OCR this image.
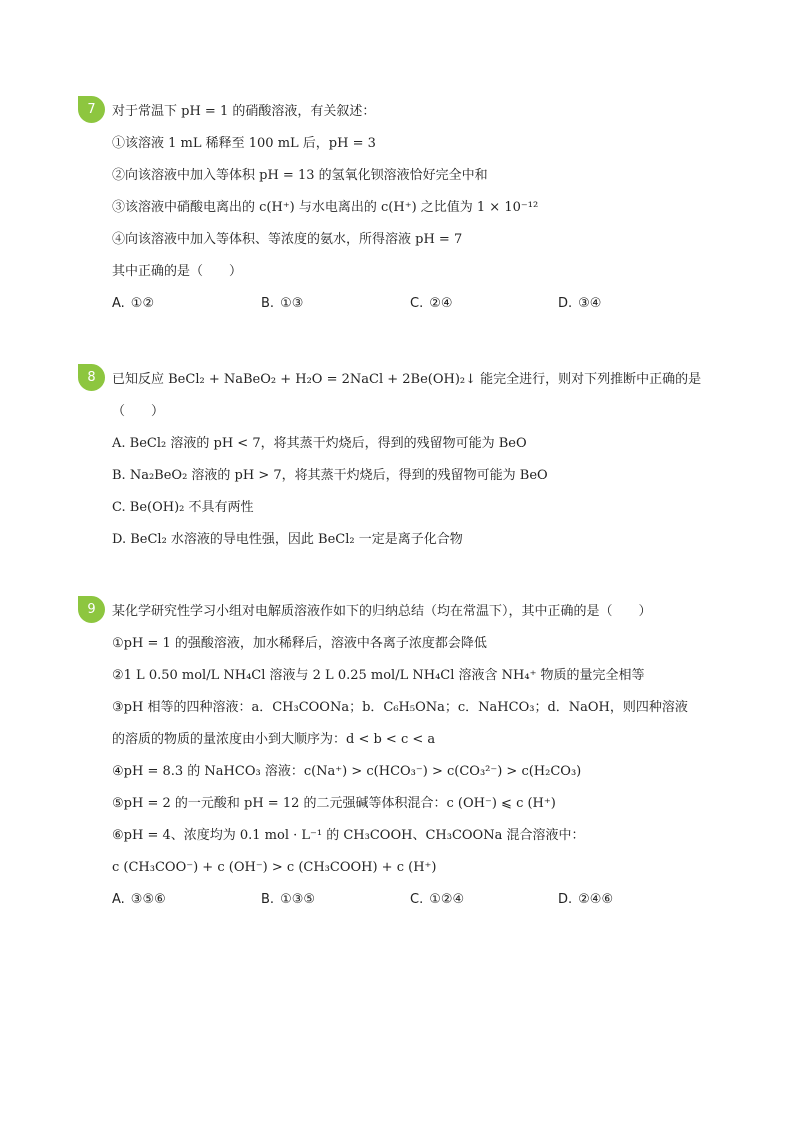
7	对于常温下 pH = 1 的硝酸溶液，有关叙述：
①该溶液 1 mL 稀释至 100 mL 后，pH = 3
②向该溶液中加入等体积 pH = 13 的氢氧化钡溶液恰好完全中和
③该溶液中硝酸电离出的 c(H⁺) 与水电离出的 c(H⁺) 之比值为 1 × 10⁻¹²
④向该溶液中加入等体积、等浓度的氨水，所得溶液 pH = 7
其中正确的是（　　）
A. ①②	B. ①③	C. ②④	D. ③④
8	已知反应 BeCl₂ + NaBeO₂ + H₂O = 2NaCl + 2Be(OH)₂↓ 能完全进行，则对下列推断中正确的是
（　　）
A. BeCl₂ 溶液的 pH < 7，将其蒸干灼烧后，得到的残留物可能为 BeO
B. Na₂BeO₂ 溶液的 pH > 7，将其蒸干灼烧后，得到的残留物可能为 BeO
C. Be(OH)₂ 不具有两性
D. BeCl₂ 水溶液的导电性强，因此 BeCl₂ 一定是离子化合物
9	某化学研究性学习小组对电解质溶液作如下的归纳总结（均在常温下），其中正确的是（　　）
①pH = 1 的强酸溶液，加水稀释后，溶液中各离子浓度都会降低
②1 L 0.50 mol/L NH₄Cl 溶液与 2 L 0.25 mol/L NH₄Cl 溶液含 NH₄⁺ 物质的量完全相等
③pH 相等的四种溶液：a．CH₃COONa；b．C₆H₅ONa；c．NaHCO₃；d．NaOH，则四种溶液
的溶质的物质的量浓度由小到大顺序为：d < b < c < a
④pH = 8.3 的 NaHCO₃ 溶液：c(Na⁺) > c(HCO₃⁻) > c(CO₃²⁻) > c(H₂CO₃)
⑤pH = 2 的一元酸和 pH = 12 的二元强碱等体积混合：c (OH⁻) ⩽ c (H⁺)
⑥pH = 4、浓度均为 0.1 mol · L⁻¹ 的 CH₃COOH、CH₃COONa 混合溶液中：
c (CH₃COO⁻) + c (OH⁻) > c (CH₃COOH) + c (H⁺)
A. ③⑤⑥	B. ①③⑤	C. ①②④	D. ②④⑥
